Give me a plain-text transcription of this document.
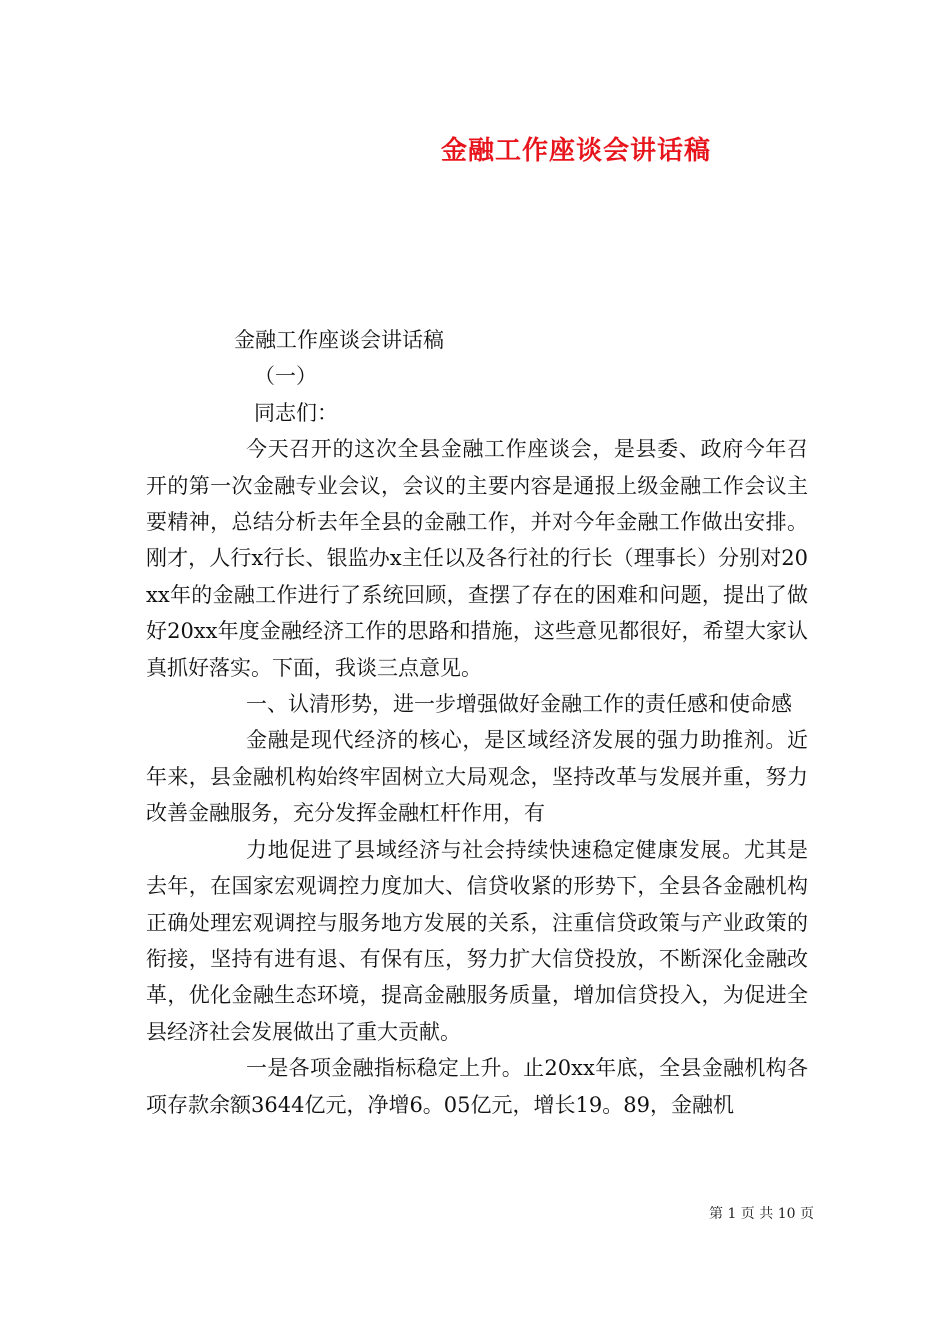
金融工作座谈会讲话稿

金融工作座谈会讲话稿

（一）

同志们：

今天召开的这次全县金融工作座谈会，是县委、政府今年召开的第一次金融专业会议，会议的主要内容是通报上级金融工作会议主要精神，总结分析去年全县的金融工作，并对今年金融工作做出安排。刚才，人行x行长、银监办x主任以及各行社的行长（理事长）分别对20xx年的金融工作进行了系统回顾，查摆了存在的困难和问题，提出了做好20xx年度金融经济工作的思路和措施，这些意见都很好，希望大家认真抓好落实。下面，我谈三点意见。

一、认清形势，进一步增强做好金融工作的责任感和使命感

金融是现代经济的核心，是区域经济发展的强力助推剂。近年来，县金融机构始终牢固树立大局观念，坚持改革与发展并重，努力改善金融服务，充分发挥金融杠杆作用，有

力地促进了县域经济与社会持续快速稳定健康发展。尤其是去年，在国家宏观调控力度加大、信贷收紧的形势下，全县各金融机构正确处理宏观调控与服务地方发展的关系，注重信贷政策与产业政策的衔接，坚持有进有退、有保有压，努力扩大信贷投放，不断深化金融改革，优化金融生态环境，提高金融服务质量，增加信贷投入，为促进全县经济社会发展做出了重大贡献。

一是各项金融指标稳定上升。止20xx年底，全县金融机构各项存款余额3644亿元，净增6。05亿元，增长19。89，金融机

第 1 页 共 10 页
